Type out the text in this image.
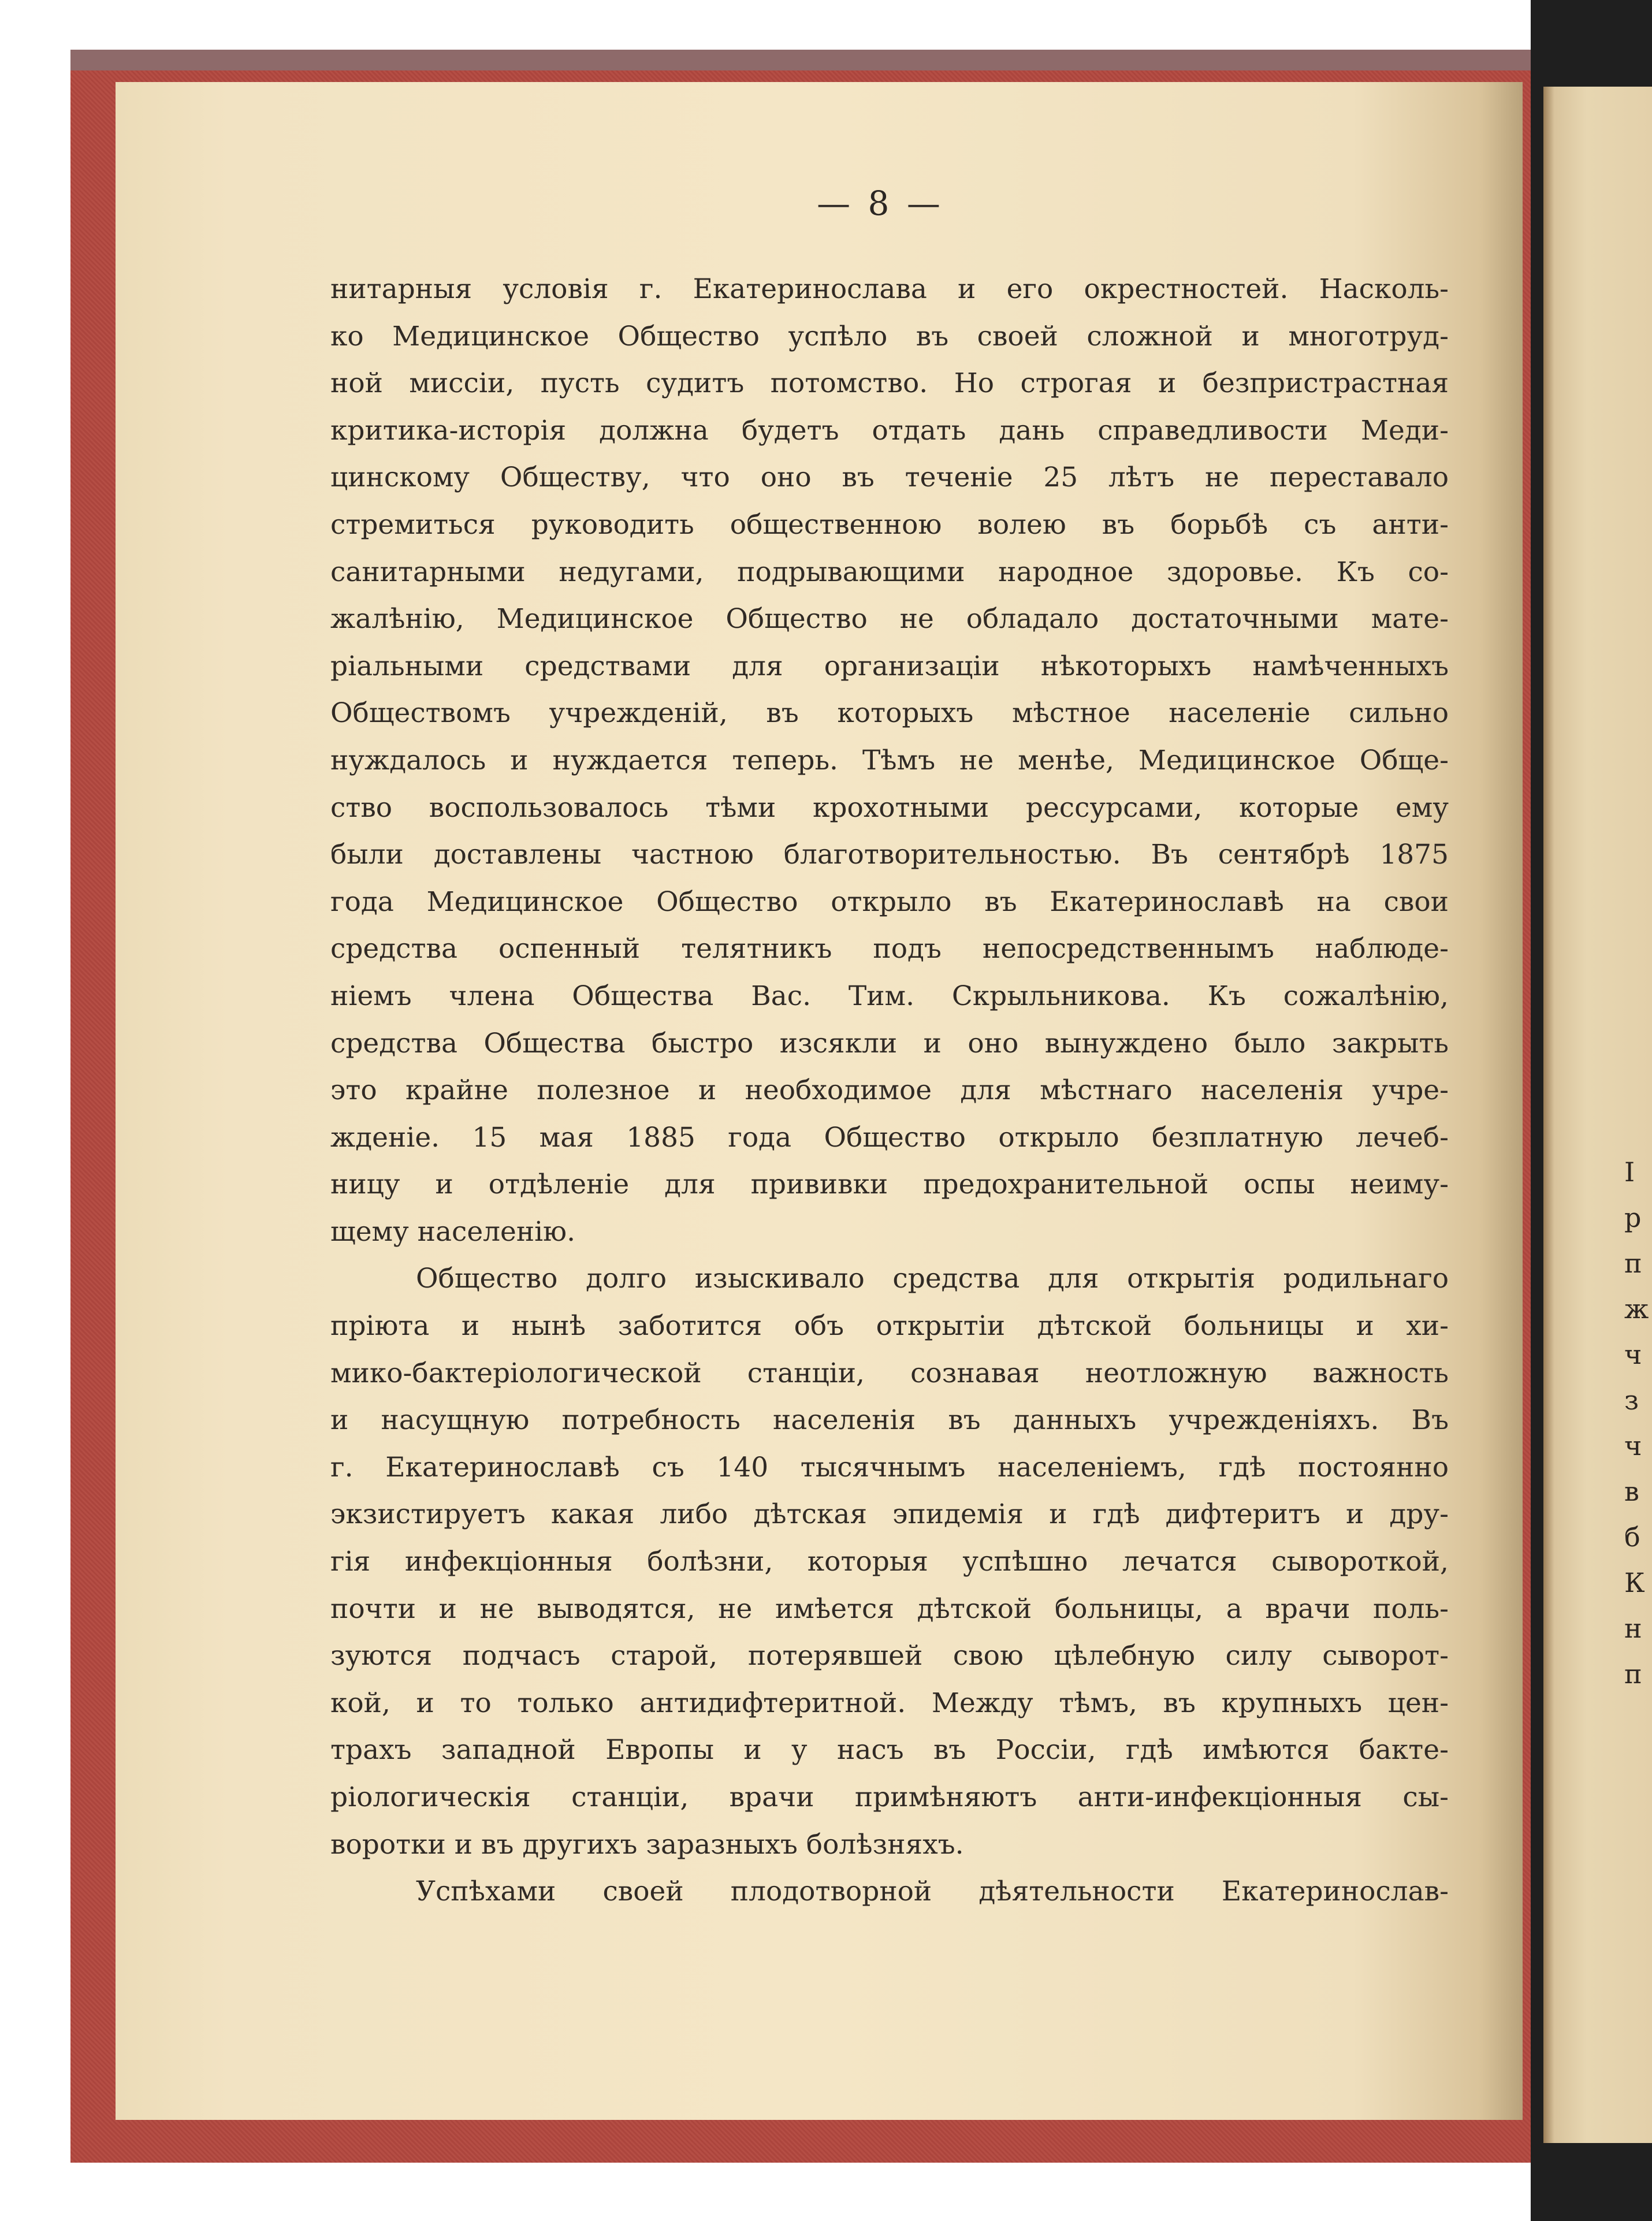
— 8 —
нитарныя условія г. Екатеринослава и его окрестностей. Насколь-
ко Медицинское Общество успѣло въ своей сложной и многотруд-
ной миссіи, пусть судитъ потомство. Но строгая и безпристрастная
критика-исторія должна будетъ отдать дань справедливости Меди-
цинскому Обществу, что оно въ теченіе 25 лѣтъ не переставало
стремиться руководить общественною волею въ борьбѣ съ анти-
санитарными недугами, подрывающими народное здоровье. Къ со-
жалѣнію, Медицинское Общество не обладало достаточными мате-
ріальными средствами для организаціи нѣкоторыхъ намѣченныхъ
Обществомъ учрежденій, въ которыхъ мѣстное населеніе сильно
нуждалось и нуждается теперь. Тѣмъ не менѣе, Медицинское Обще-
ство воспользовалось тѣми крохотными рессурсами, которые ему
были доставлены частною благотворительностью. Въ сентябрѣ 1875
года Медицинское Общество открыло въ Екатеринославѣ на свои
средства оспенный телятникъ подъ непосредственнымъ наблюде-
ніемъ члена Общества Вас. Тим. Скрыльникова. Къ сожалѣнію,
средства Общества быстро изсякли и оно вынуждено было закрыть
это крайне полезное и необходимое для мѣстнаго населенія учре-
жденіе. 15 мая 1885 года Общество открыло безплатную лечеб-
ницу и отдѣленіе для прививки предохранительной оспы неиму-
щему населенію.
Общество долго изыскивало средства для открытія родильнаго
пріюта и нынѣ заботится объ открытіи дѣтской больницы и хи-
мико-бактеріологической станціи, сознавая неотложную важность
и насущную потребность населенія въ данныхъ учрежденіяхъ. Въ
г. Екатеринославѣ съ 140 тысячнымъ населеніемъ, гдѣ постоянно
экзистируетъ какая либо дѣтская эпидемія и гдѣ дифтеритъ и дру-
гія инфекціонныя болѣзни, которыя успѣшно лечатся сывороткой,
почти и не выводятся, не имѣется дѣтской больницы, а врачи поль-
зуются подчасъ старой, потерявшей свою цѣлебную силу сыворот-
кой, и то только антидифтеритной. Между тѣмъ, въ крупныхъ цен-
трахъ западной Европы и у насъ въ Россіи, гдѣ имѣются бакте-
ріологическія станціи, врачи примѣняютъ анти-инфекціонныя сы-
воротки и въ другихъ заразныхъ болѣзняхъ.
Успѣхами своей плодотворной дѣятельности Екатеринослав-
I
р
п
ж
ч
з
ч
в
б
К
н
п
